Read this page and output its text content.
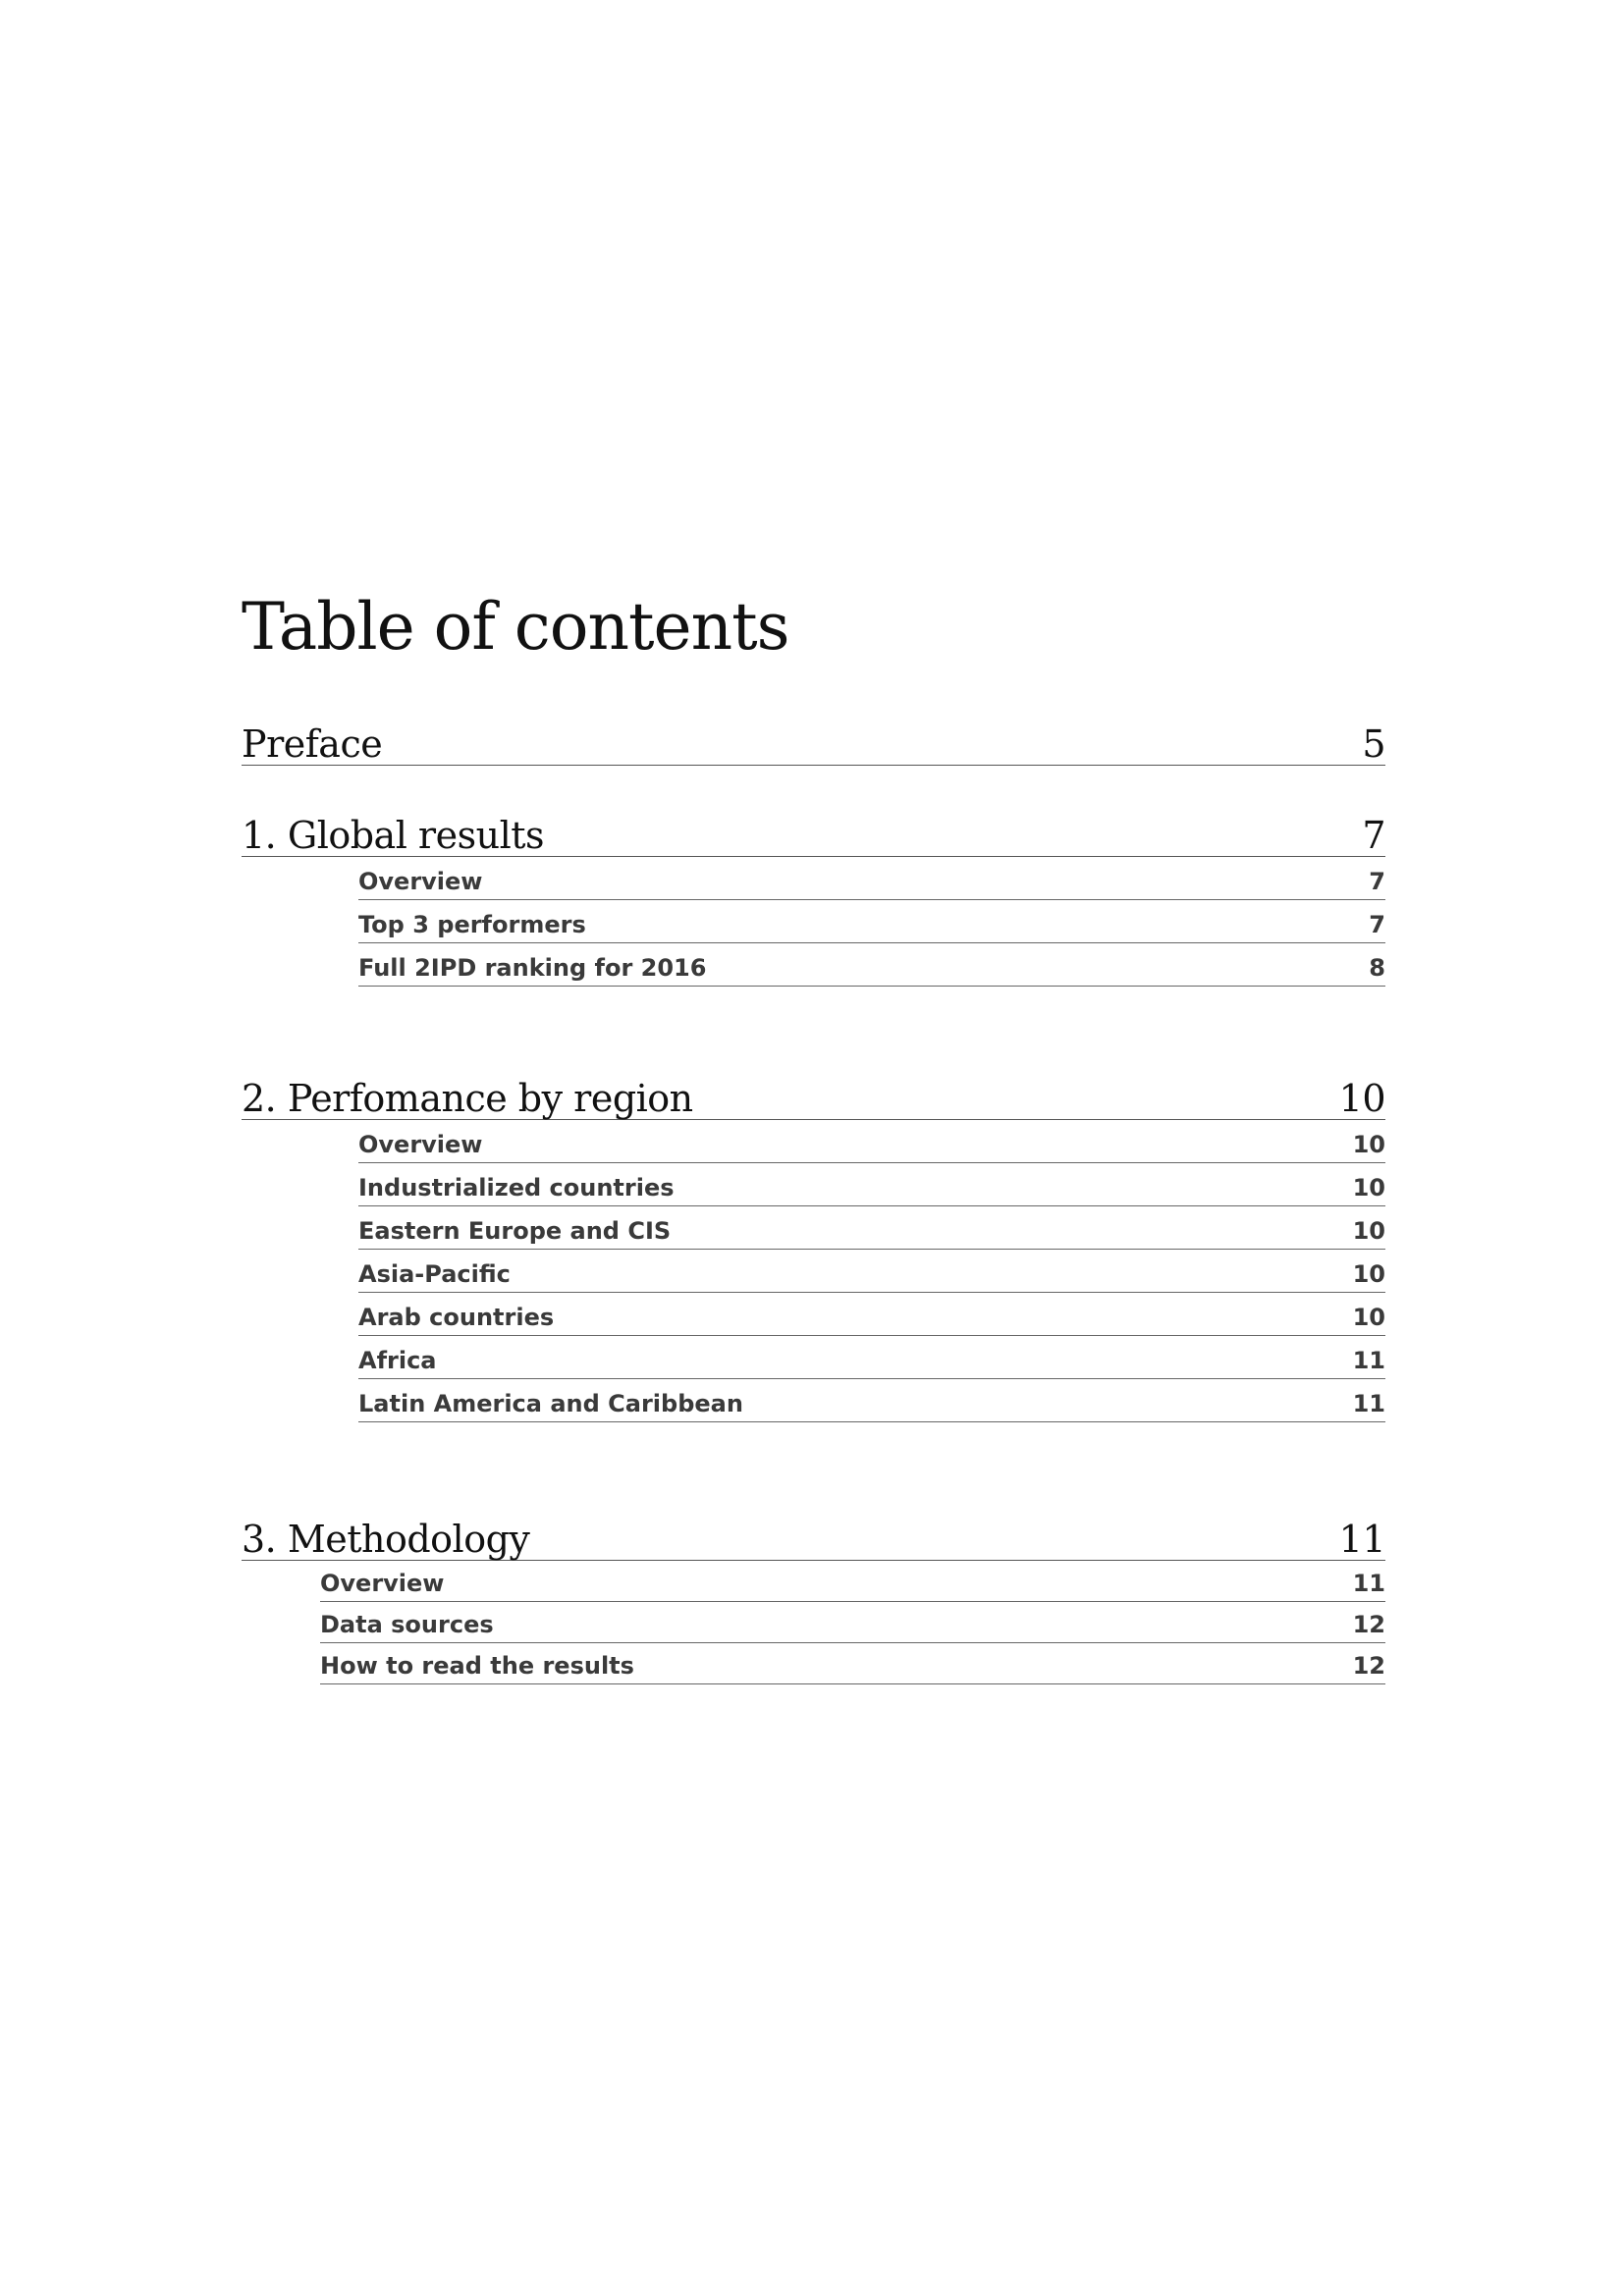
Table of contents
Preface	5
1. Global results	7
Overview	7
Top 3 performers	7
Full 2IPD ranking for 2016	8
2. Perfomance by region	10
Overview	10
Industrialized countries	10
Eastern Europe and CIS	10
Asia-Pacific	10
Arab countries	10
Africa	11
Latin America and Caribbean	11
3. Methodology	11
Overview	11
Data sources	12
How to read the results	12
